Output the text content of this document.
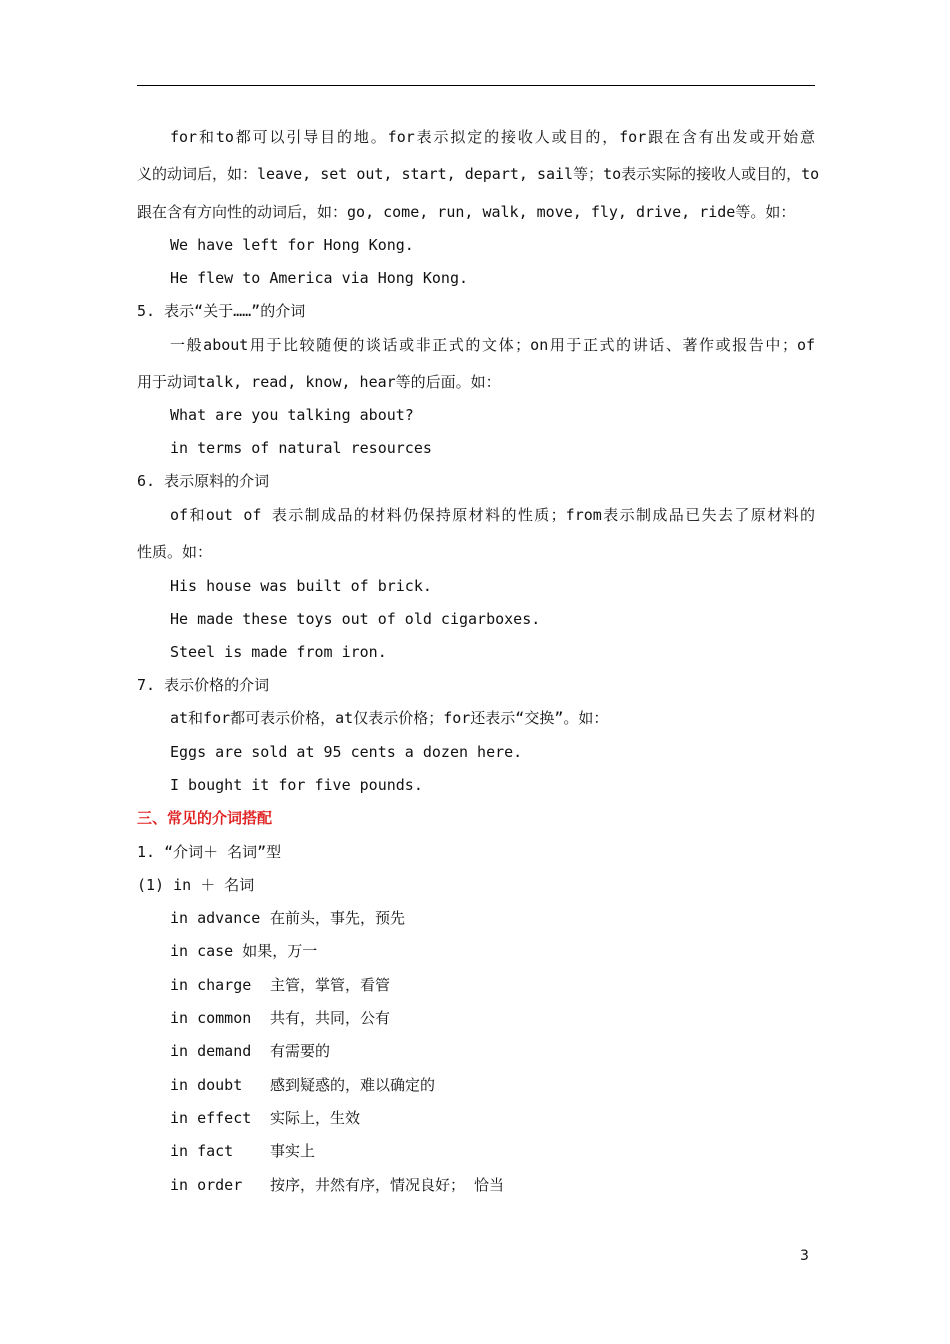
for和to都可以引导目的地。for表示拟定的接收人或目的，for跟在含有出发或开始意
义的动词后，如：leave, set out, start, depart, sail等；to表示实际的接收人或目的，to
跟在含有方向性的动词后，如：go, come, run, walk, move, fly, drive, ride等。如：
We have left for Hong Kong.
He flew to America via Hong Kong.
5. 表示“关于……”的介词
一般about用于比较随便的谈话或非正式的文体；on用于正式的讲话、著作或报告中；of
用于动词talk, read, know, hear等的后面。如：
What are you talking about?
in terms of natural resources
6. 表示原料的介词
of和out of 表示制成品的材料仍保持原材料的性质；from表示制成品已失去了原材料的
性质。如：
His house was built of brick.
He made these toys out of old cigarboxes.
Steel is made from iron.
7. 表示价格的介词
at和for都可表示价格，at仅表示价格；for还表示“交换”。如：
Eggs are sold at 95 cents a dozen here.
I bought it for five pounds.
三、常见的介词搭配
1. “介词＋ 名词”型
(1) in ＋ 名词
in advance 在前头，事先，预先
in case 如果，万一
in charge 主管，掌管，看管
in common 共有，共同，公有
in demand 有需要的
in doubt 感到疑惑的，难以确定的
in effect 实际上，生效
in fact 事实上
in order 按序，井然有序，情况良好； 恰当
3
